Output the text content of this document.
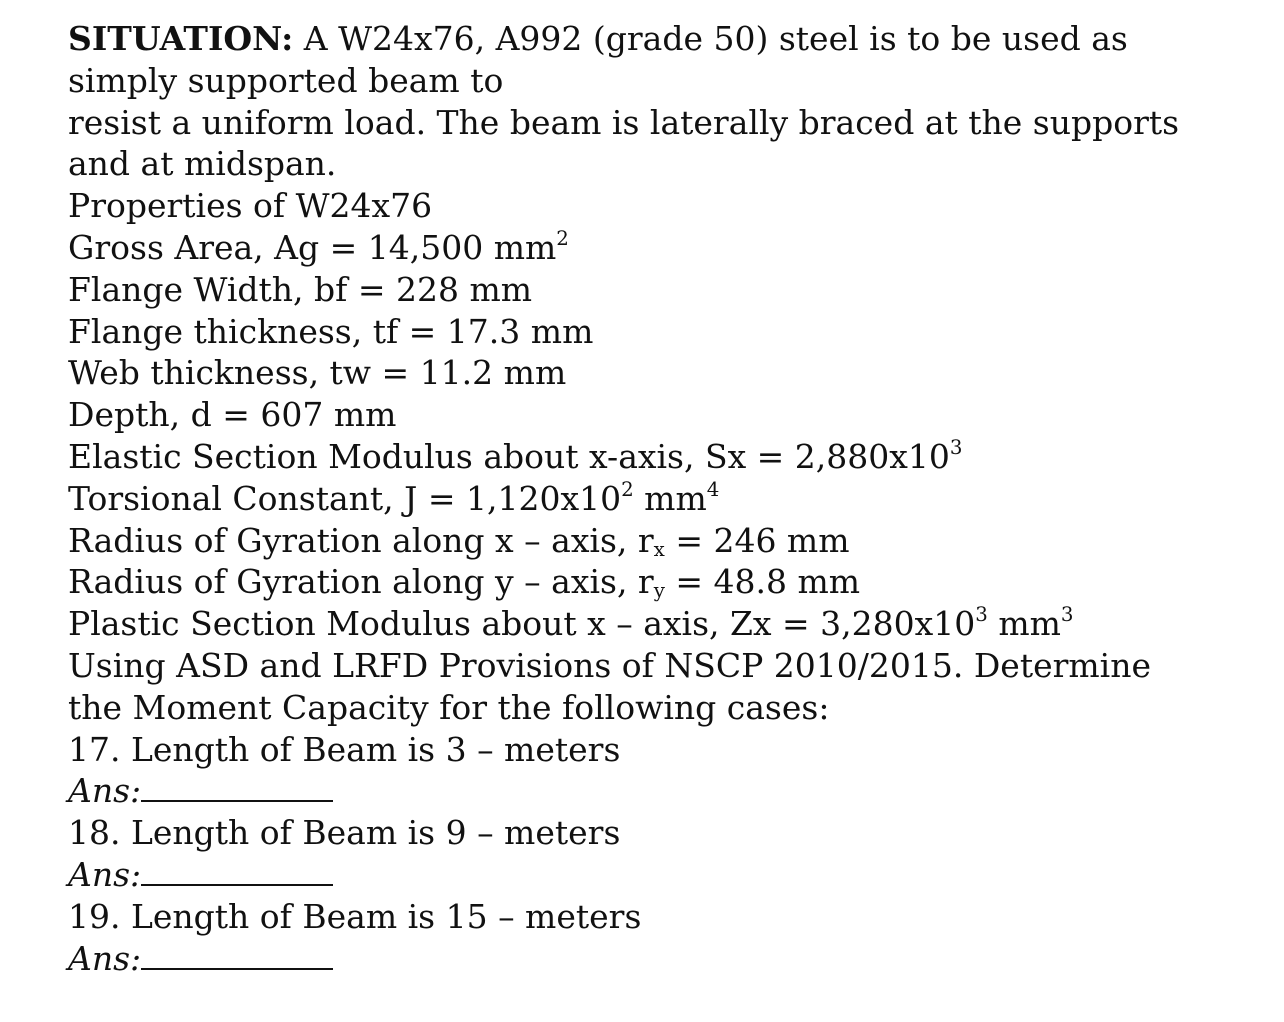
SITUATION: A W24x76, A992 (grade 50) steel is to be used as
simply supported beam to
resist a uniform load. The beam is laterally braced at the supports
and at midspan.
Properties of W24x76
Gross Area, Ag = 14,500 $mm^2$
Flange Width, bf = 228 mm
Flange thickness, tf = 17.3 mm
Web thickness, tw = 11.2 mm
Depth, d = 607 mm
Elastic Section Modulus about x-axis, $Sx = 2,880x10^3$
Torsional Constant, $J = 1,120x10^2$ $mm^4$
Radius of Gyration along x – axis, $r_x = 246$ mm
Radius of Gyration along y – axis, $r_y = 48.8$ mm
Plastic Section Modulus about x – axis, $Zx = 3,280x10^3$ $mm^3$
Using ASD and LRFD Provisions of NSCP 2010/2015. Determine
the Moment Capacity for the following cases:
17. Length of Beam is 3 – meters
Ans:
18. Length of Beam is 9 – meters
Ans:
19. Length of Beam is 15 – meters
Ans:
